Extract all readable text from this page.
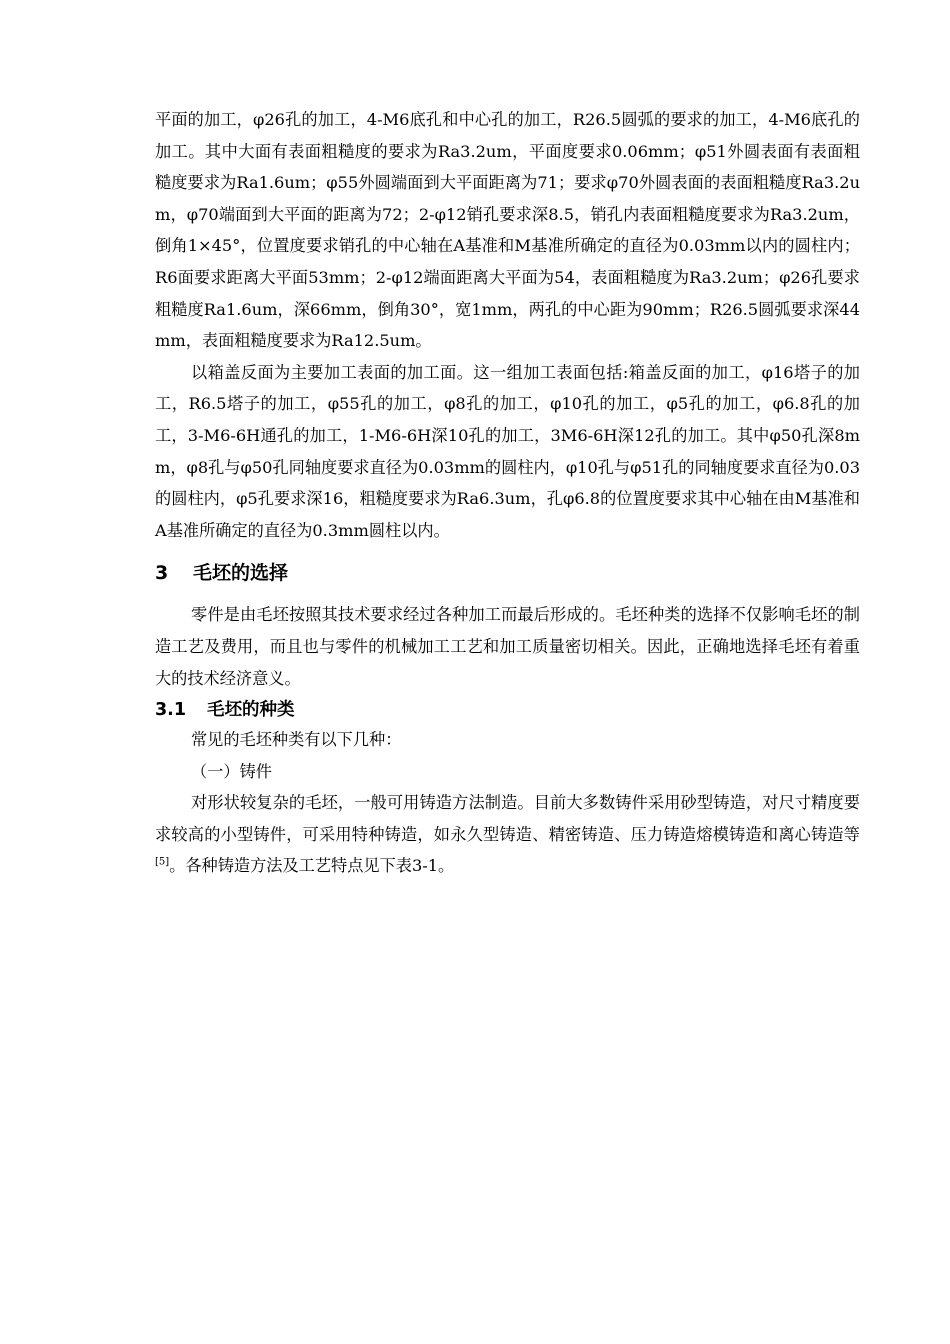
平面的加工，φ26孔的加工，4-M6底孔和中心孔的加工，R26.5圆弧的要求的加工，4-M6底孔的加工。其中大面有表面粗糙度的要求为Ra3.2um，平面度要求0.06mm；φ51外圆表面有表面粗糙度要求为Ra1.6um；φ55外圆端面到大平面距离为71；要求φ70外圆表面的表面粗糙度Ra3.2um，φ70端面到大平面的距离为72；2-φ12销孔要求深8.5，销孔内表面粗糙度要求为Ra3.2um，倒角1×45°，位置度要求销孔的中心轴在A基准和M基准所确定的直径为0.03mm以内的圆柱内；R6面要求距离大平面53mm；2-φ12端面距离大平面为54，表面粗糙度为Ra3.2um；φ26孔要求粗糙度Ra1.6um，深66mm，倒角30°，宽1mm，两孔的中心距为90mm；R26.5圆弧要求深44mm，表面粗糙度要求为Ra12.5um。

以箱盖反面为主要加工表面的加工面。这一组加工表面包括:箱盖反面的加工，φ16塔子的加工，R6.5塔子的加工，φ55孔的加工，φ8孔的加工，φ10孔的加工，φ5孔的加工，φ6.8孔的加工，3-M6-6H通孔的加工，1-M6-6H深10孔的加工，3M6-6H深12孔的加工。其中φ50孔深8mm，φ8孔与φ50孔同轴度要求直径为0.03mm的圆柱内，φ10孔与φ51孔的同轴度要求直径为0.03的圆柱内，φ5孔要求深16，粗糙度要求为Ra6.3um，孔φ6.8的位置度要求其中心轴在由M基准和A基准所确定的直径为0.3mm圆柱以内。

3 毛坯的选择

零件是由毛坯按照其技术要求经过各种加工而最后形成的。毛坯种类的选择不仅影响毛坯的制造工艺及费用，而且也与零件的机械加工工艺和加工质量密切相关。因此，正确地选择毛坯有着重大的技术经济意义。

3.1 毛坯的种类

常见的毛坯种类有以下几种：

（一）铸件

对形状较复杂的毛坯，一般可用铸造方法制造。目前大多数铸件采用砂型铸造，对尺寸精度要求较高的小型铸件，可采用特种铸造，如永久型铸造、精密铸造、压力铸造熔模铸造和离心铸造等[5]。各种铸造方法及工艺特点见下表3-1。
